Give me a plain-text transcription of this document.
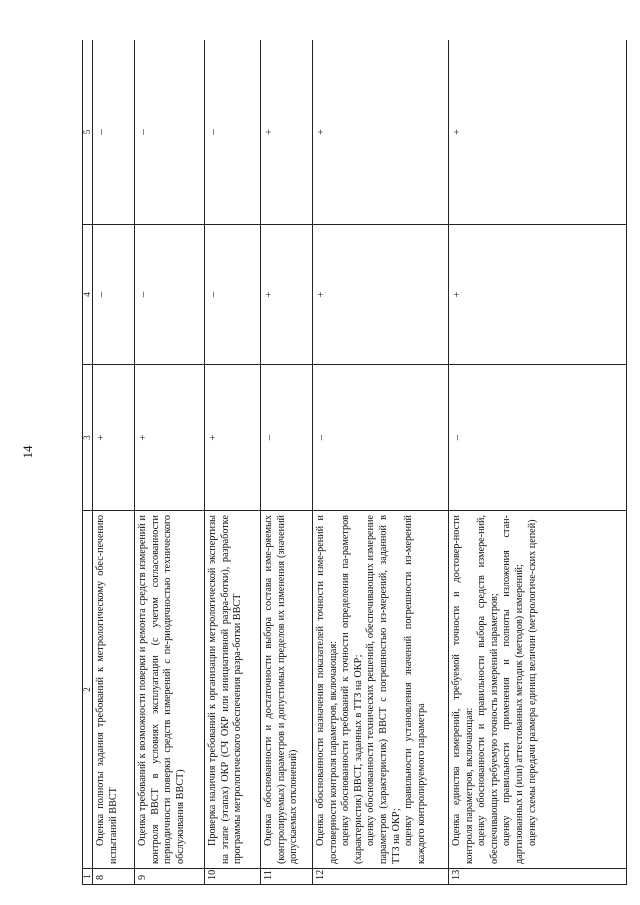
14
1	2	3	4	5
8	Оценка полноты задания требований к метрологическому обес-печению испытаний ВВСТ	+	–	–
9	Оценка требований к возможности поверки и ремонта средств измерений и контроля ВВСТ в условиях эксплуатации (с учетом согласованности периодичности поверки средств измерений с пе-риодичностью технического обслуживания ВВСТ)	+	–	–
10	Проверка наличия требований к организации метрологической экспертизы на этапе (этапах) ОКР (СЧ ОКР или инициативной разра-ботки), разработке программы метрологического обеспечения разра-ботки ВВСТ	+	–	–
11	Оценка обоснованности и достаточности выбора состава изме-ряемых (контролируемых) параметров и допустимых пределов их изменения (значений допускаемых отклонений)	–	+	+
12	Оценка обоснованности назначения показателей точности изме-рений и достоверности контроля параметров, включающая: оценку обоснованности требований к точности определения па-раметров (характеристик) ВВСТ, заданных в ТТЗ на ОКР; оценку обоснованности технических решений, обеспечивающих измерение параметров (характеристик) ВВСТ с погрешностью из-мерений, заданной в ТТЗ на ОКР; оценку правильности установления значений погрешности из-мерений каждого контролируемого параметра	–	+	+
13	Оценка единства измерений, требуемой точности и достовер-ности контроля параметров, включающая: оценку обоснованности и правильности выбора средств измере-ний, обеспечивающих требуемую точность измерений параметров; оценку правильности применения и полноты изложения стан-дартизованных и (или) аттестованных методик (методов) измерений; оценку схемы передачи размера единиц величин (метрологиче-ских цепей)	–	+	+
